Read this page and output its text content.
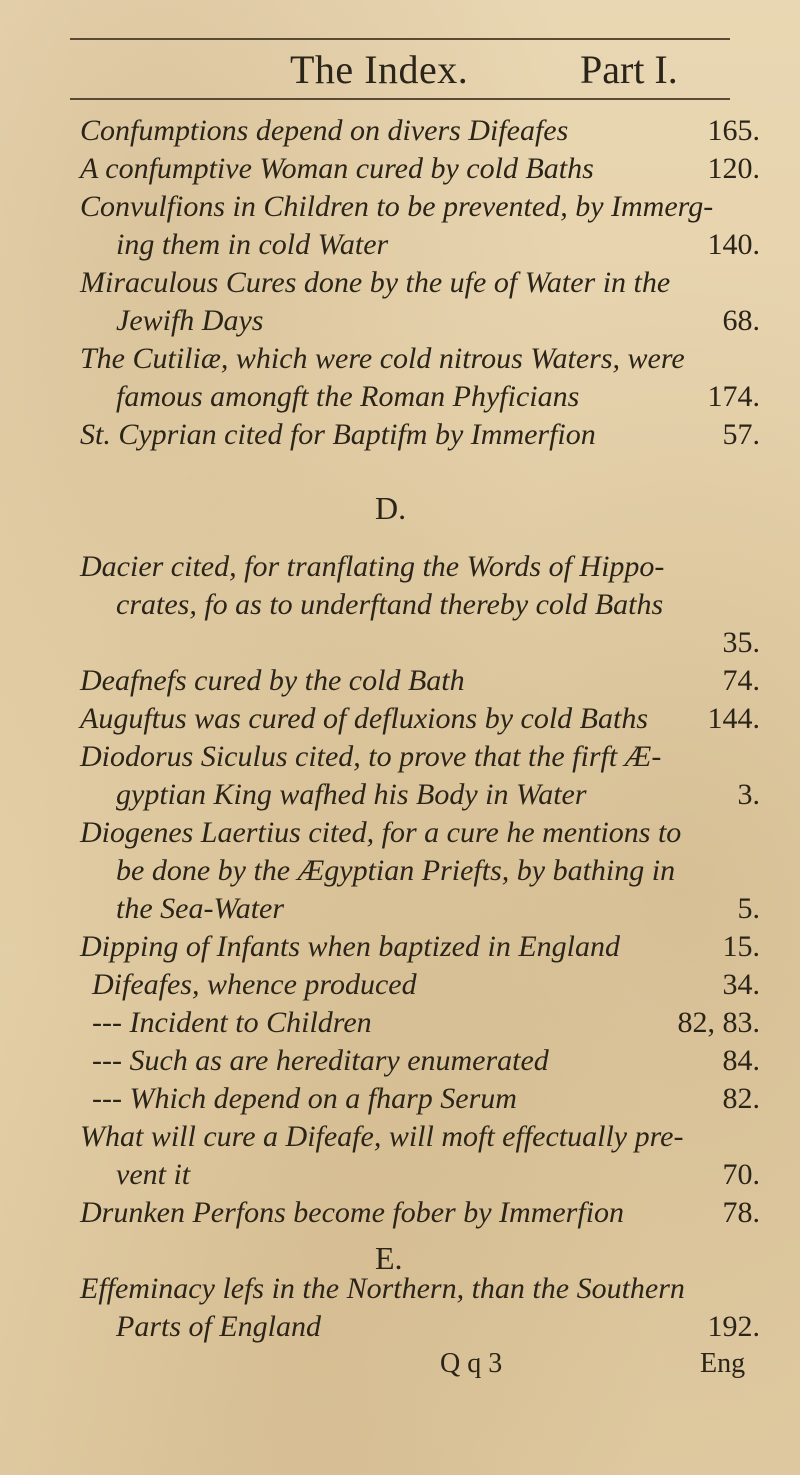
The Index.	Part I.
Confumptions depend on divers Difeafes	165.
A confumptive Woman cured by cold Baths	120.
Convulfions in Children to be prevented, by Immerg-
ing them in cold Water	140.
Miraculous Cures done by the ufe of Water in the
Jewifh Days	68.
The Cutiliæ, which were cold nitrous Waters, were
famous amongft the Roman Phyficians	174.
St. Cyprian cited for Baptifm by Immerfion	57.
D.
Dacier cited, for tranflating the Words of Hippo-
crates, fo as to underftand thereby cold Baths
35.
Deafnefs cured by the cold Bath	74.
Auguftus was cured of defluxions by cold Baths 144.
Diodorus Siculus cited, to prove that the firft Æ-
gyptian King wafhed his Body in Water	3.
Diogenes Laertius cited, for a cure he mentions to
be done by the Ægyptian Priefts, by bathing in
the Sea-Water	5.
Dipping of Infants when baptized in England	15.
Difeafes, whence produced	34.
--- Incident to Children	82, 83.
--- Such as are hereditary enumerated	84.
--- Which depend on a fharp Serum	82.
What will cure a Difeafe, will moft effectually pre-
vent it	70.
Drunken Perfons become fober by Immerfion	78.
E.
Effeminacy lefs in the Northern, than the Southern
Parts of England	192.
Q q 3	Eng
